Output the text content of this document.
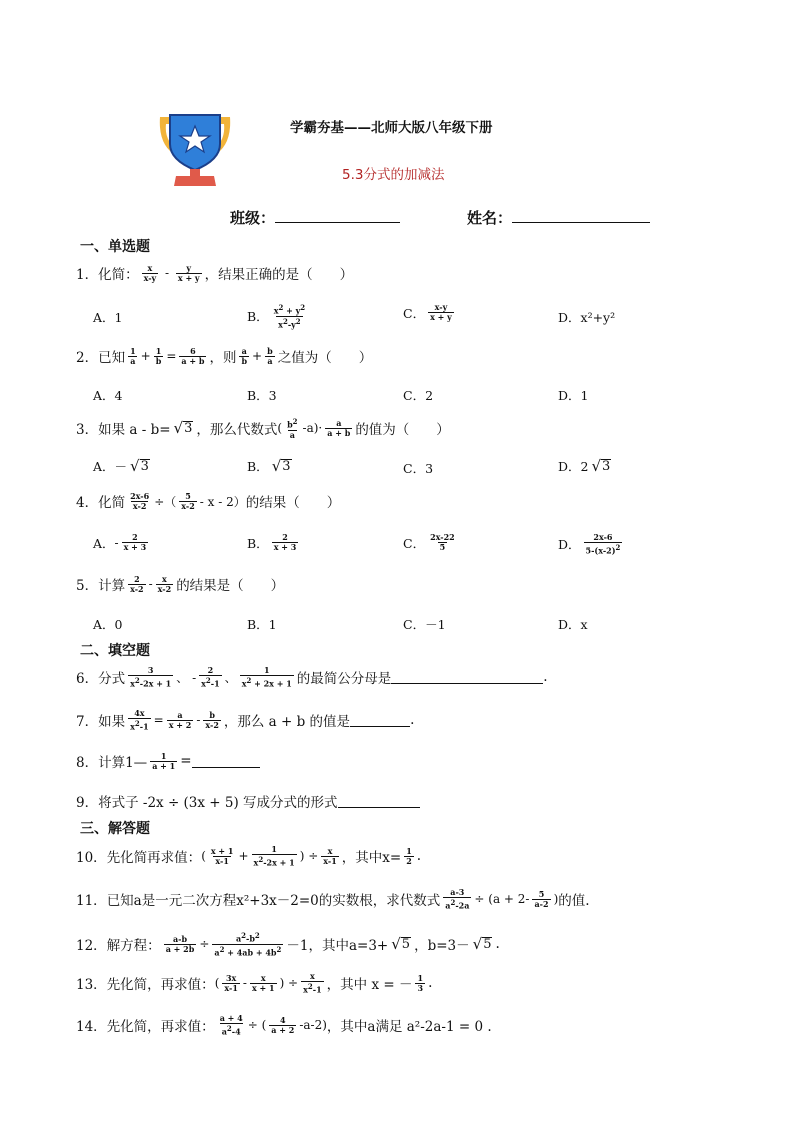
学霸夯基——北师大版八年级下册
5.3分式的加减法
班级：	姓名：
一、单选题
1． 化简： x
x-y - y
x + y ，结果正确的是（　　）
A．1	B． $x^2 + y^2$
$x^2-y^2$
C． x-y
x + y	D．x²+y²
2． 已知 1
$a + \frac{1}{b} = \frac{6}{a + b}$ ，则 a
$b + \frac{b}{a}$ 之值为（　　）
A．4	B．3	C．2	D．1
3． 如果 a - b= √ 3 ，那么代数式 ( $b^2$
a -a)· a
a + b 的值为（　　）
A．－ √ 3	B． √ 3	C．3	D．2 √ 3
4． 化简 $\frac{2x-6}{x-2}$ ÷（ 5
x-2 - x - 2） 的结果（　　）
A． - 2
x + 3	B． 2
x + 3	C． 2x-22
5	D．
2x-6
$5-(x-2)^2$
5． 计算 2
x-2 - x
x-2 的结果是（　　）
A．0	B．1	C．－1	D．x
二、填空题
6． 分式
3
$x^2-2x + 1$ 、 -
2
$x^2-1$ 、
1
$x^2 + 2x + 1$ 的最简公分母是	.
7． 如果 $\frac{4x}{x^2-1} = \frac{a}{x + 2} - b$
x-2 ，那么 a + b 的值是	.
8． 计算1— $\frac{1}{a + 1}$ =
9． 将式子 -2x ÷ (3x + 5) 写成分式的形式
三、解答题
10． 先化简再求值： ( x + 1
$x-1 + \frac{1}{x^2-2x + 1}$ ) ÷ $\frac{x}{x-1}$ ，其中$x= \frac{1}{2}$ .
11． 已知a是一元二次方程x²+3x－2=0的实数根，求代数式 $\frac{a-3}{a^2-2a} \div (a + 2-$ 5
a-2 ) 的值.
12． 解方程： $\frac{a-b}{a + 2b} \div \frac{a^2-b^2}{a^2 + 4ab + 4b^2} -1$，其中a=3+ √ 5 ，b=3－ √ 5 .
13． 先化简，再求值： ( 3x
x-1 - x
x + 1 ) ÷ $\frac{x}{x^2-1}$ ，其中 x = － 1
3 .
14． 先化简，再求值： $\frac{a + 4}{a^2-4}$ ÷ ( 4
a + 2 -a-2) ，其中a满足 a²-2a-1 = 0 .
